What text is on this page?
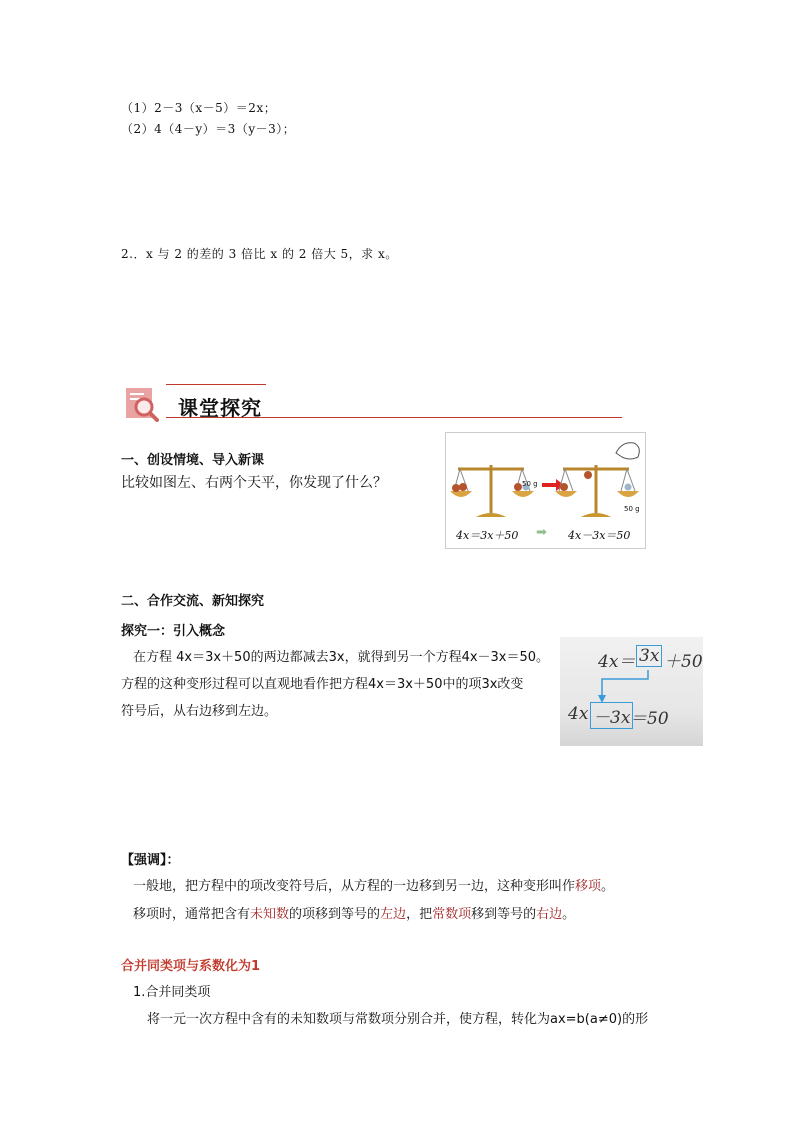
（1）2－3（x－5）＝2x；
（2）4（4－y）＝3（y－3）；
2.．x 与 2 的差的 3 倍比 x 的 2 倍大 5，求 x。
课堂探究
一、创设情境、导入新课
比较如图左、右两个天平，你发现了什么？	50 g
50 g
4x＝3x＋50 ➡ 4x－3x＝50
二、合作交流、新知探究
探究一：引入概念
在方程 4x＝3x＋50的两边都减去3x，就得到另一个方程4x－3x＝50。
方程的这种变形过程可以直观地看作把方程4x＝3x＋50中的项3x改变
符号后，从右边移到左边。
4x＝ 3x ＋50
4x －3x ＝50
【强调】：
一般地，把方程中的项改变符号后，从方程的一边移到另一边，这种变形叫作移项。
移项时，通常把含有未知数的项移到等号的左边，把常数项移到等号的右边。
合并同类项与系数化为1
1.合并同类项
将一元一次方程中含有的未知数项与常数项分别合并，使方程，转化为ax=b(a≠0)的形
